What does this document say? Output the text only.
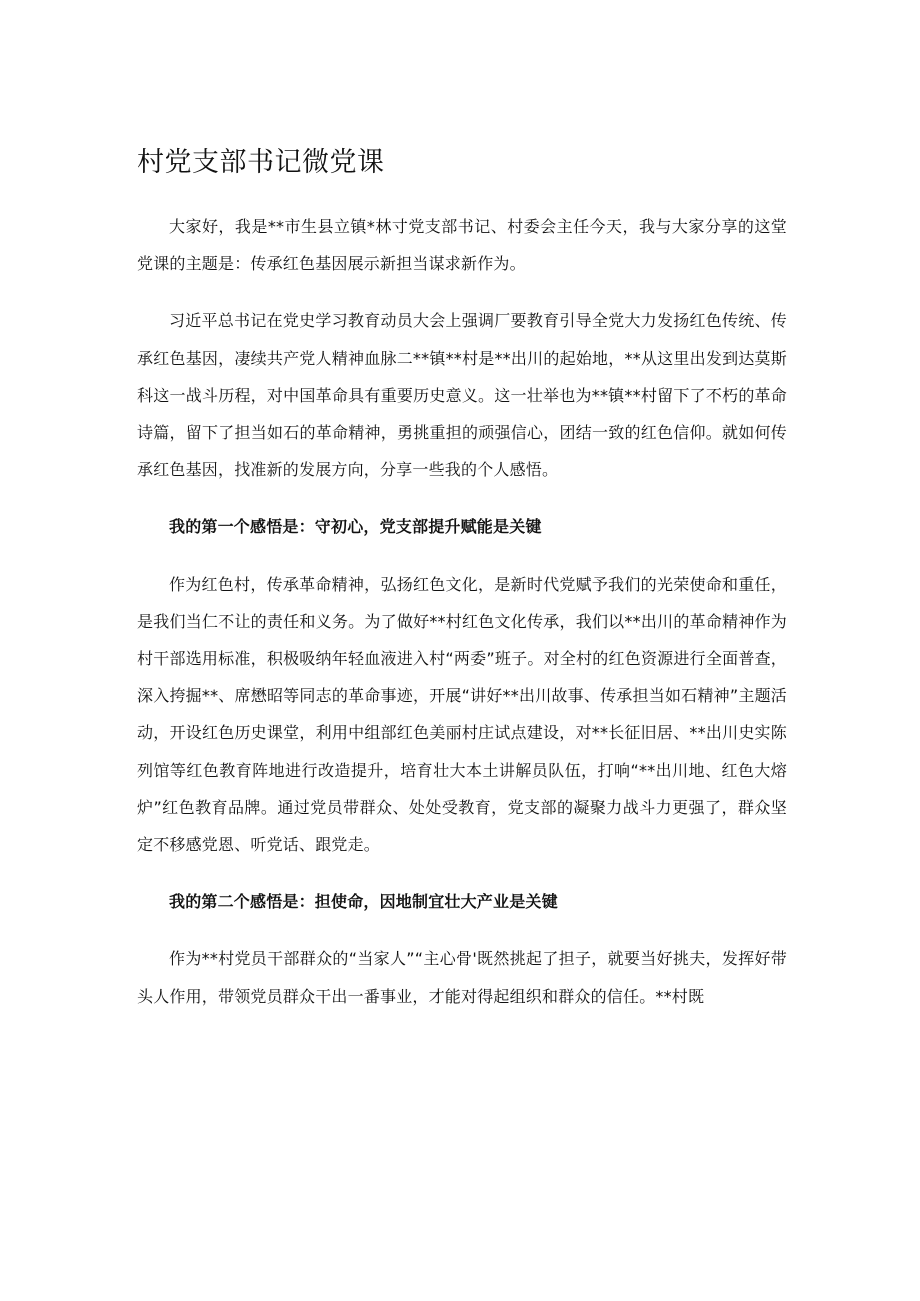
村党支部书记微党课

大家好，我是**市生县立镇*林寸党支部书记、村委会主任今天，我与大家分享的这堂党课的主题是：传承红色基因展示新担当谋求新作为。

习近平总书记在党史学习教育动员大会上强调厂要教育引导全党大力发扬红色传统、传承红色基因，凄续共产党人精神血脉二**镇**村是**出川的起始地，**从这里出发到达莫斯科这一战斗历程，对中国革命具有重要历史意义。这一壮举也为**镇**村留下了不朽的革命诗篇，留下了担当如石的革命精神，勇挑重担的顽强信心，团结一致的红色信仰。就如何传承红色基因，找准新的发展方向，分享一些我的个人感悟。

我的第一个感悟是：守初心，党支部提升赋能是关键

作为红色村，传承革命精神，弘扬红色文化，是新时代党赋予我们的光荣使命和重任，是我们当仁不让的责任和义务。为了做好**村红色文化传承，我们以**出川的革命精神作为村干部选用标准，积极吸纳年轻血液进入村“两委”班子。对全村的红色资源进行全面普查，深入挎掘**、席懋昭等同志的革命事迹，开展“讲好**出川故事、传承担当如石精神”主题活动，开设红色历史课堂，利用中组部红色美丽村庄试点建设，对**长征旧居、**出川史实陈列馆等红色教育阵地进行改造提升，培育壮大本土讲解员队伍，打响“**出川地、红色大熔炉”红色教育品牌。通过党员带群众、处处受教育，党支部的凝聚力战斗力更强了，群众坚定不移感党恩、听党话、跟党走。

我的第二个感悟是：担使命，因地制宜壮大产业是关键

作为**村党员干部群众的“当家人”“主心骨'既然挑起了担子，就要当好挑夫，发挥好带头人作用，带领党员群众干出一番事业，才能对得起组织和群众的信任。**村既
